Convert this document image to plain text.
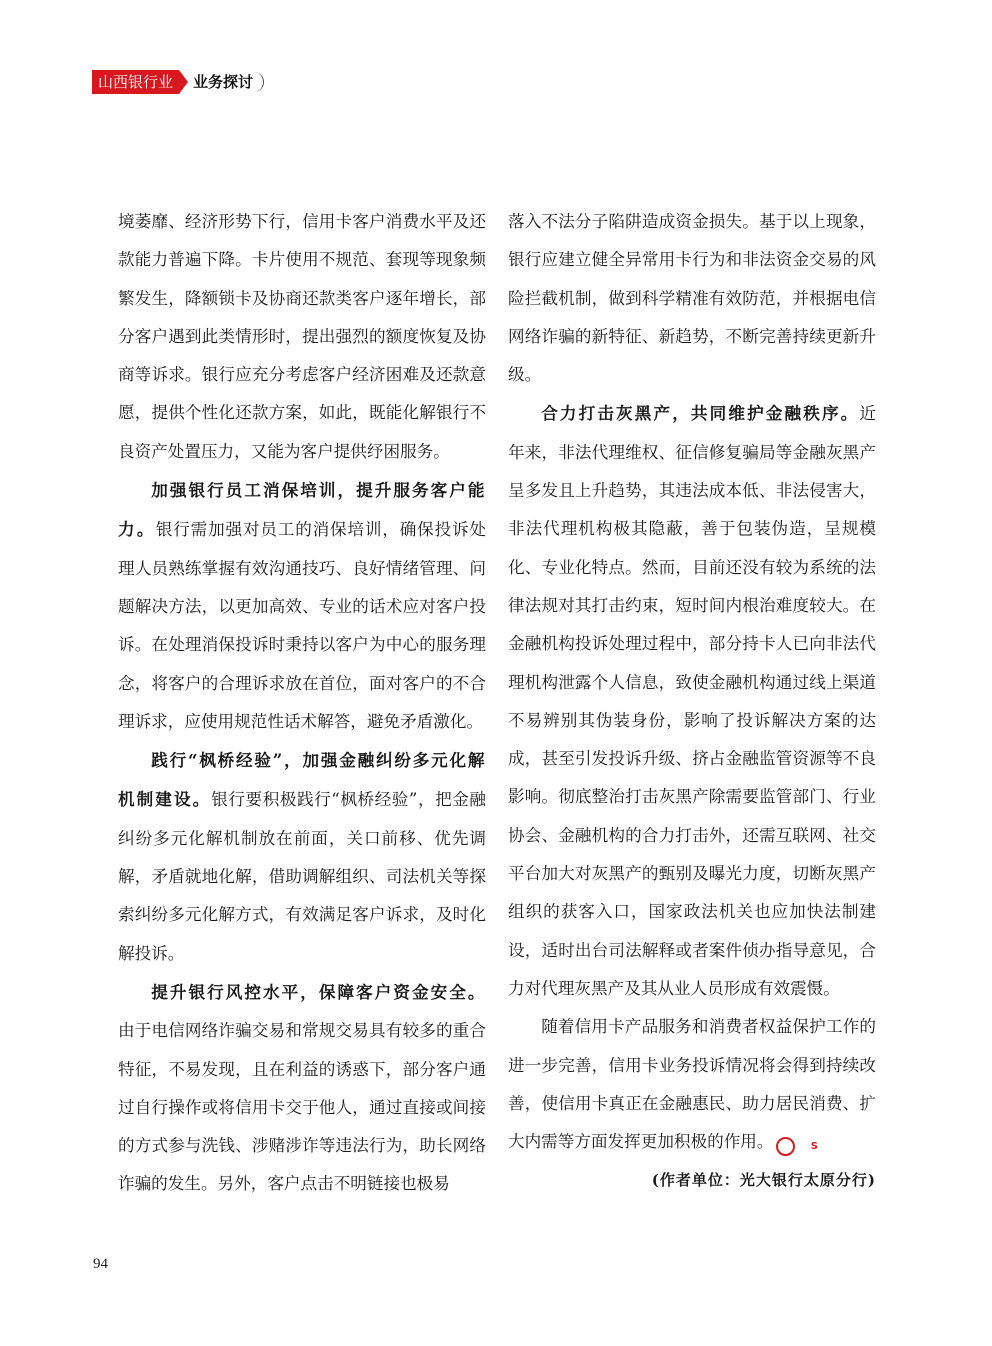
山西银行业	业务探讨

境萎靡、经济形势下行，信用卡客户消费水平及还款能力普遍下降。卡片使用不规范、套现等现象频繁发生，降额锁卡及协商还款类客户逐年增长，部分客户遇到此类情形时，提出强烈的额度恢复及协商等诉求。银行应充分考虑客户经济困难及还款意愿，提供个性化还款方案，如此，既能化解银行不良资产处置压力，又能为客户提供纾困服务。

加强银行员工消保培训，提升服务客户能力。银行需加强对员工的消保培训，确保投诉处理人员熟练掌握有效沟通技巧、良好情绪管理、问题解决方法，以更加高效、专业的话术应对客户投诉。在处理消保投诉时秉持以客户为中心的服务理念，将客户的合理诉求放在首位，面对客户的不合理诉求，应使用规范性话术解答，避免矛盾激化。

践行“枫桥经验”，加强金融纠纷多元化解机制建设。银行要积极践行“枫桥经验”，把金融纠纷多元化解机制放在前面，关口前移、优先调解，矛盾就地化解，借助调解组织、司法机关等探索纠纷多元化解方式，有效满足客户诉求，及时化解投诉。

提升银行风控水平，保障客户资金安全。由于电信网络诈骗交易和常规交易具有较多的重合特征，不易发现，且在利益的诱惑下，部分客户通过自行操作或将信用卡交于他人，通过直接或间接的方式参与洗钱、涉赌涉诈等违法行为，助长网络诈骗的发生。另外，客户点击不明链接也极易

落入不法分子陷阱造成资金损失。基于以上现象，银行应建立健全异常用卡行为和非法资金交易的风险拦截机制，做到科学精准有效防范，并根据电信网络诈骗的新特征、新趋势，不断完善持续更新升级。

合力打击灰黑产，共同维护金融秩序。近年来，非法代理维权、征信修复骗局等金融灰黑产呈多发且上升趋势，其违法成本低、非法侵害大，非法代理机构极其隐蔽，善于包装伪造，呈规模化、专业化特点。然而，目前还没有较为系统的法律法规对其打击约束，短时间内根治难度较大。在金融机构投诉处理过程中，部分持卡人已向非法代理机构泄露个人信息，致使金融机构通过线上渠道不易辨别其伪装身份，影响了投诉解决方案的达成，甚至引发投诉升级、挤占金融监管资源等不良影响。彻底整治打击灰黑产除需要监管部门、行业协会、金融机构的合力打击外，还需互联网、社交平台加大对灰黑产的甄别及曝光力度，切断灰黑产组织的获客入口，国家政法机关也应加快法制建设，适时出台司法解释或者案件侦办指导意见，合力对代理灰黑产及其从业人员形成有效震慑。

随着信用卡产品服务和消费者权益保护工作的进一步完善，信用卡业务投诉情况将会得到持续改善，使信用卡真正在金融惠民、助力居民消费、扩大内需等方面发挥更加积极的作用。	S

(作者单位：光大银行太原分行)

94
